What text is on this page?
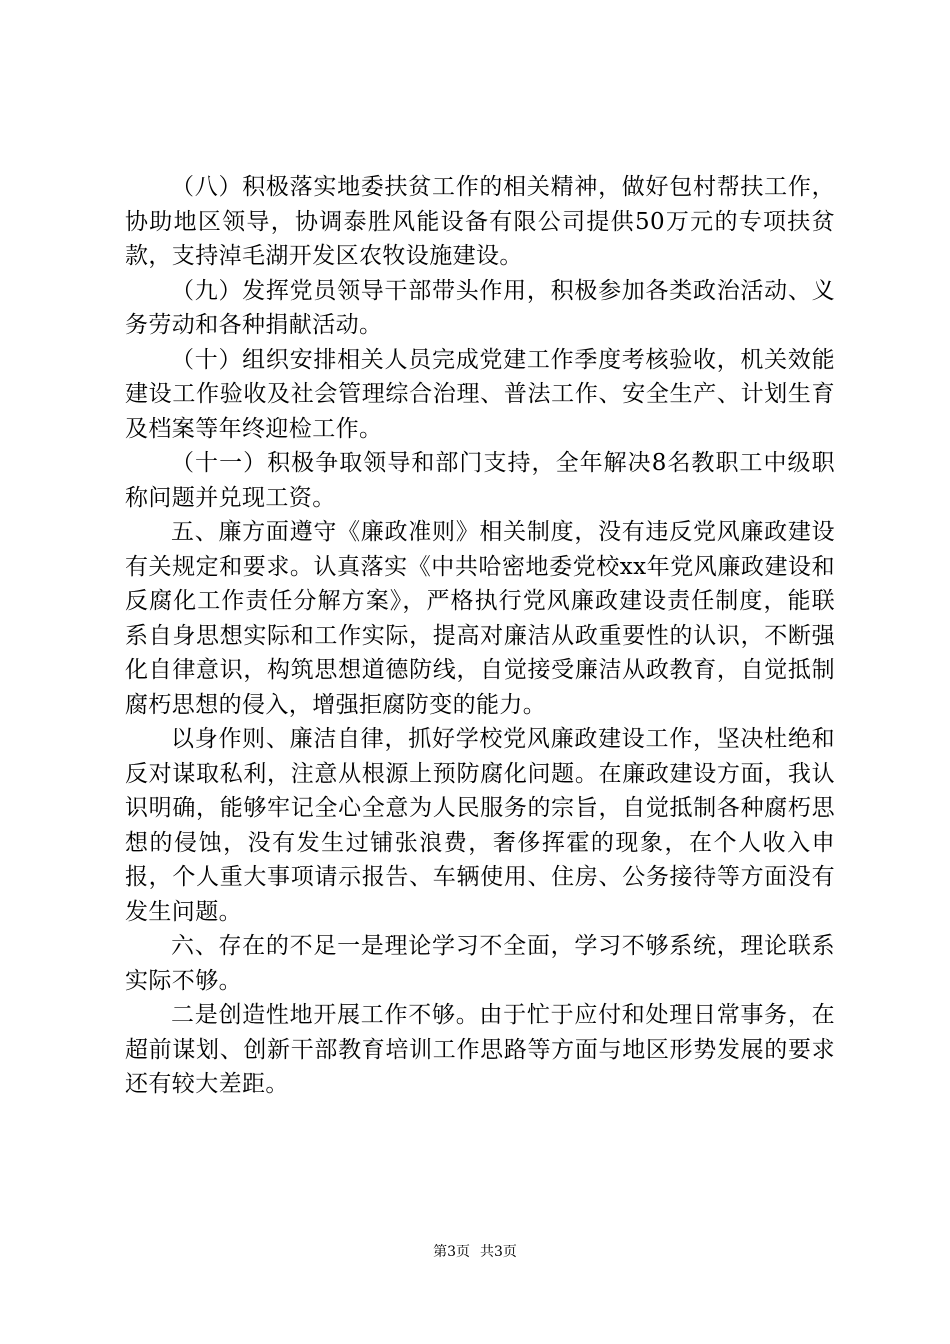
（八）积极落实地委扶贫工作的相关精神，做好包村帮扶工作，协助地区领导，协调泰胜风能设备有限公司提供50万元的专项扶贫款，支持淖毛湖开发区农牧设施建设。

（九）发挥党员领导干部带头作用，积极参加各类政治活动、义务劳动和各种捐献活动。

（十）组织安排相关人员完成党建工作季度考核验收，机关效能建设工作验收及社会管理综合治理、普法工作、安全生产、计划生育及档案等年终迎检工作。

（十一）积极争取领导和部门支持，全年解决8名教职工中级职称问题并兑现工资。

五、廉方面遵守《廉政准则》相关制度，没有违反党风廉政建设有关规定和要求。认真落实《中共哈密地委党校xx年党风廉政建设和反腐化工作责任分解方案》，严格执行党风廉政建设责任制度，能联系自身思想实际和工作实际，提高对廉洁从政重要性的认识，不断强化自律意识，构筑思想道德防线，自觉接受廉洁从政教育，自觉抵制腐朽思想的侵入，增强拒腐防变的能力。

以身作则、廉洁自律，抓好学校党风廉政建设工作，坚决杜绝和反对谋取私利，注意从根源上预防腐化问题。在廉政建设方面，我认识明确，能够牢记全心全意为人民服务的宗旨，自觉抵制各种腐朽思想的侵蚀，没有发生过铺张浪费，奢侈挥霍的现象，在个人收入申报，个人重大事项请示报告、车辆使用、住房、公务接待等方面没有发生问题。

六、存在的不足一是理论学习不全面，学习不够系统，理论联系实际不够。

二是创造性地开展工作不够。由于忙于应付和处理日常事务，在超前谋划、创新干部教育培训工作思路等方面与地区形势发展的要求还有较大差距。

第3页 共3页
